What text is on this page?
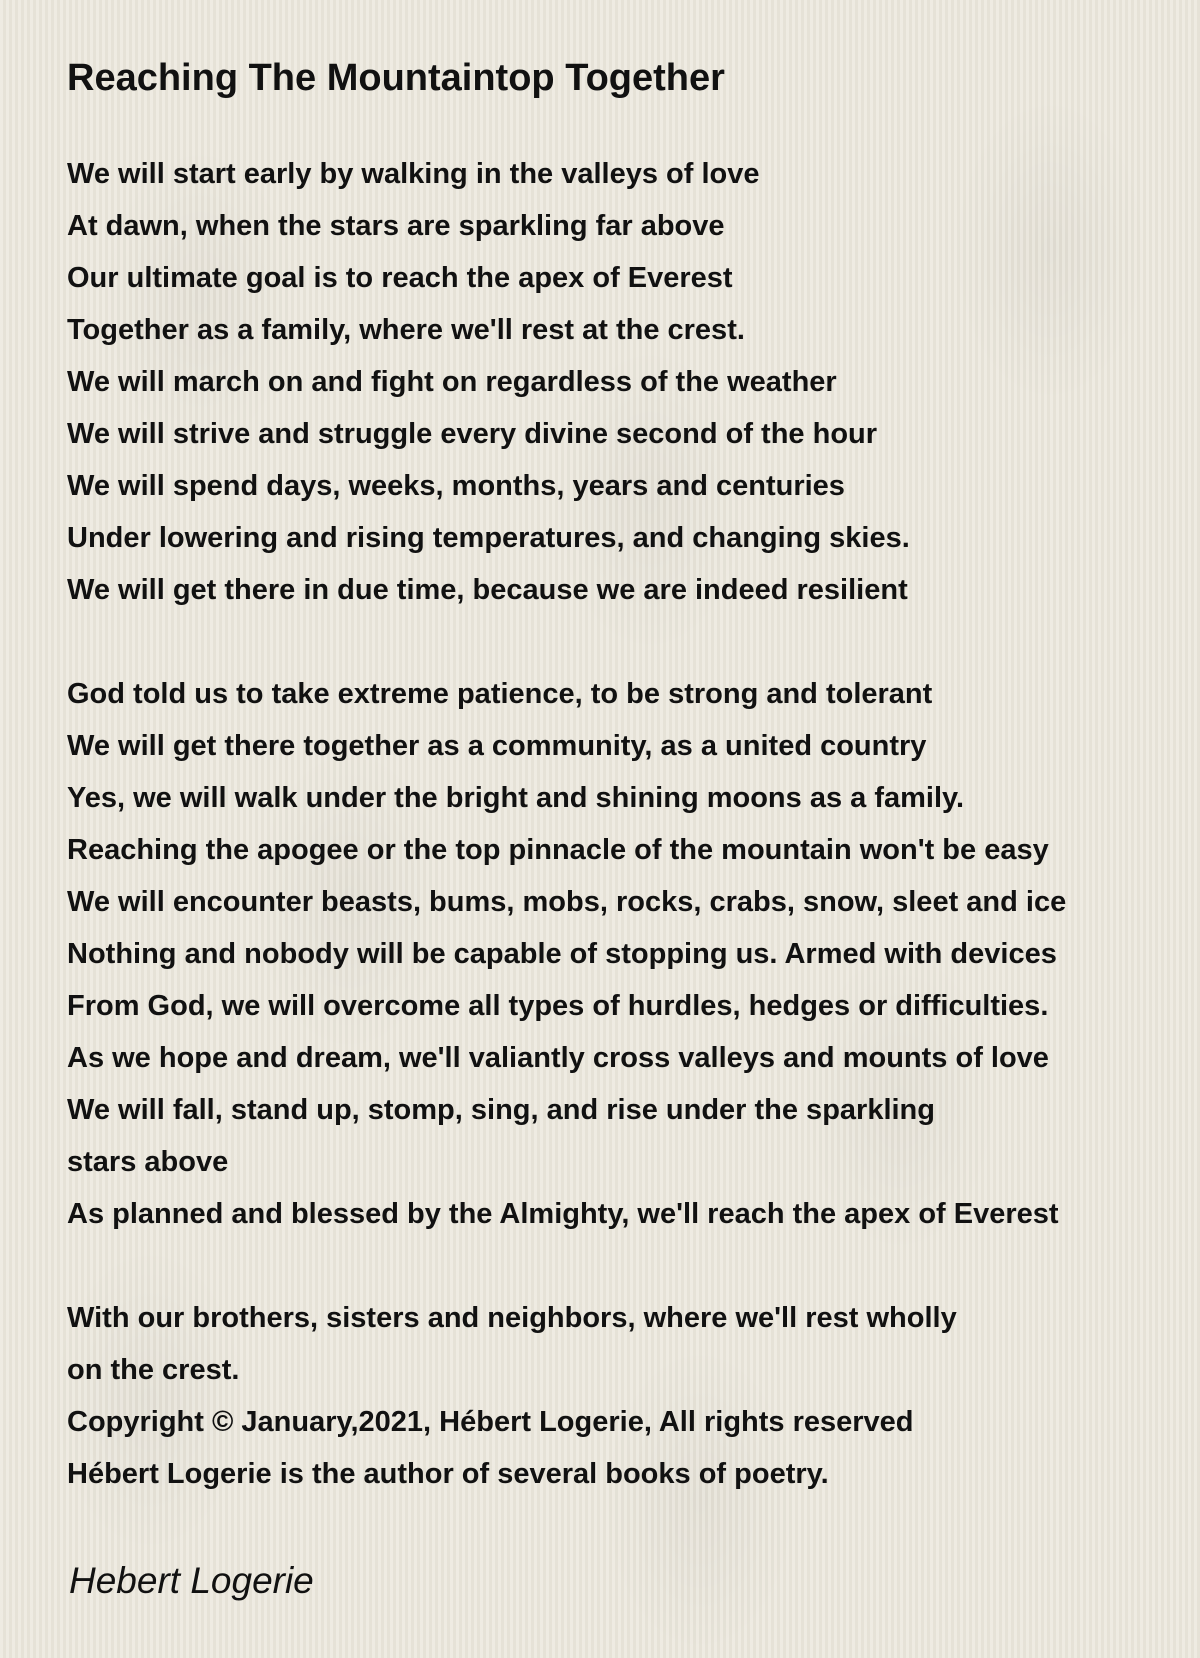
Reaching The Mountaintop Together
We will start early by walking in the valleys of love
At dawn, when the stars are sparkling far above
Our ultimate goal is to reach the apex of Everest
Together as a family, where we'll rest at the crest.
We will march on and fight on regardless of the weather
We will strive and struggle every divine second of the hour
We will spend days, weeks, months, years and centuries
Under lowering and rising temperatures, and changing skies.
We will get there in due time, because we are indeed resilient
God told us to take extreme patience, to be strong and tolerant
We will get there together as a community, as a united country
Yes, we will walk under the bright and shining moons as a family.
Reaching the apogee or the top pinnacle of the mountain won't be easy
We will encounter beasts, bums, mobs, rocks, crabs, snow, sleet and ice
Nothing and nobody will be capable of stopping us. Armed with devices
From God, we will overcome all types of hurdles, hedges or difficulties.
As we hope and dream, we'll valiantly cross valleys and mounts of love
We will fall, stand up, stomp, sing, and rise under the sparkling
stars above
As planned and blessed by the Almighty, we'll reach the apex of Everest
With our brothers, sisters and neighbors, where we'll rest wholly
on the crest.
Copyright © January,2021, Hébert Logerie, All rights reserved
Hébert Logerie is the author of several books of poetry.
Hebert Logerie
